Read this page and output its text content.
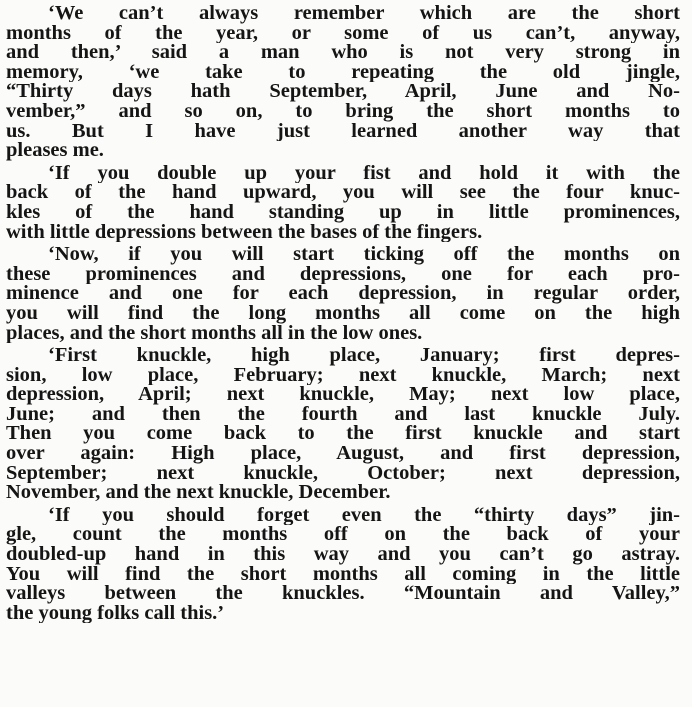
‘We can’t always remember which are the short
months of the year, or some of us can’t, anyway,
and then,’ said a man who is not very strong in
memory, ‘we take to repeating the old jingle,
“Thirty days hath September, April, June and No-
vember,” and so on, to bring the short months to
us. But I have just learned another way that
pleases me.
‘If you double up your fist and hold it with the
back of the hand upward, you will see the four knuc-
kles of the hand standing up in little prominences,
with little depressions between the bases of the fingers.
‘Now, if you will start ticking off the months on
these prominences and depressions, one for each pro-
minence and one for each depression, in regular order,
you will find the long months all come on the high
places, and the short months all in the low ones.
‘First knuckle, high place, January; first depres-
sion, low place, February; next knuckle, March; next
depression, April; next knuckle, May; next low place,
June; and then the fourth and last knuckle July.
Then you come back to the first knuckle and start
over again: High place, August, and first depression,
September; next knuckle, October; next depression,
November, and the next knuckle, December.
‘If you should forget even the “thirty days” jin-
gle, count the months off on the back of your
doubled-up hand in this way and you can’t go astray.
You will find the short months all coming in the little
valleys between the knuckles. “Mountain and Valley,”
the young folks call this.’
